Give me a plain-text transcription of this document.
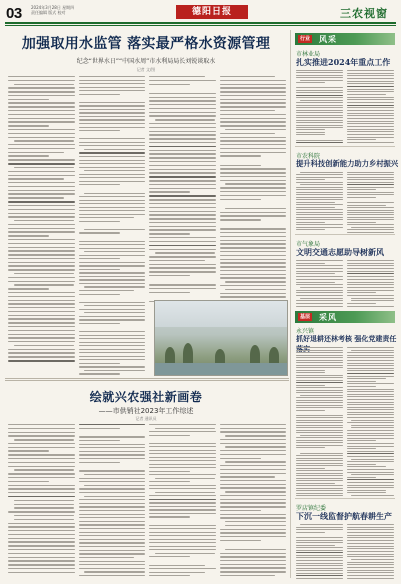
03 2024年3月28日 星期四
责任编辑 版式 校对	德阳日报	三农视窗
加强取用水监管 落实最严格水资源管理
纪念“世界水日”“中国水周”市水利局局长刘锐谈取水
记者 文/图
绘就兴农强社新画卷
——市供销社2023年工作综述
记者 通讯员
行业 风采
市林业局
扎实推进2024年重点工作
市农科院
提升科技创新能力助力乡村振兴
市气象局
文明交通志愿助导树新风
基层 采风
永兴镇
抓好退耕还林考核 强化党建责任落实
罗店镇纪委
下沉一线监督护航春耕生产
